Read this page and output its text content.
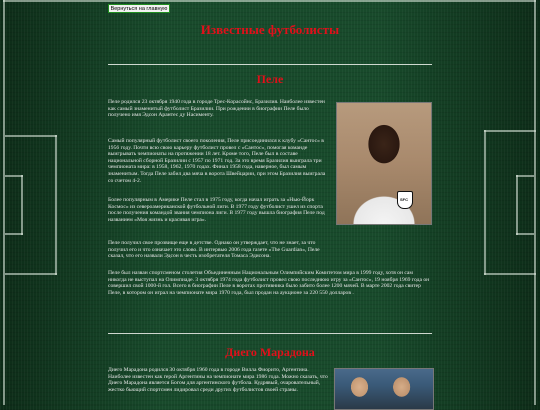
Вернуться на главную
Известные футболисты
Пеле

Пеле родился 23 октября 1940 года в городе Трес-Корасойнс, Бразилия. Наиболее известен как самый знаменитый футболист Бразилии. При рождении в биографии Пеле было получено имя Эдсон Арантес ду Насименту.

Самый популярный футболист своего поколения, Пеле присоединился к клубу «Сантос» в 1956 году. Почти всю свою карьеру футболист провел с «Сантос», помогая команде выигрывать чемпионаты на протяжении 18 лет. Кроме того, Пеле был в составе национальной сборной Бразилии с 1957 по 1971 год. За это время Бразилия выиграла три чемпионата мира: в 1958, 1962, 1970 годах. Финал 1958 года, наверное, был самым знаменитым. Тогда Пеле забил два мяча в ворота Швейцарии, при этом Бразилия выиграла со счетом 4-2.

Более популярным в Америке Пеле стал в 1975 году, когда начал играть за «Нью-Йорк Космос» из североамериканской футбольной лиги. В 1977 году футболист ушел из спорта после получения командой звания чемпиона лиги. В 1977 году вышла биография Пеле под названием «Моя жизнь и красивая игра».

Пеле получил свое прозвище еще в детстве. Однако он утверждает, что не знает, за что получил его и что означает это слово. В интервью 2006 года газете «The Guardian», Пеле сказал, что его назвали Эдсон в честь изобретателя Томаса Эдисона.

Пеле был назван спортсменом столетия Объединенным Национальным Олимпийским Комитетом мира в 1999 году, хотя он сам никогда не выступал на Олимпиаде. 3 октября 1974 года футболист провел свою последнюю игру за «Сантос», 19 ноября 1969 года он совершил свой 1000-й гол. Всего в биографии Пеле в воротах противника было забито более 1200 мячей. В марте 2002 года свитер Пеле, в котором он играл на чемпионате мира 1970 года, был продан на аукционе за 220 550 долларов .

SFC
Диего Марадона

Диего Марадона родился 30 октября 1960 года в городе Вилла Фиорито, Аргентина. Наиболее известен как герой Аргентины на чемпионате мира 1986 года. Можно сказать, что Диего Марадона является Богом для аргентинского футбола. Кудрявый, очаровательный, жестко бьющий спортсмен лидировал среди других футболистов своей страны.
